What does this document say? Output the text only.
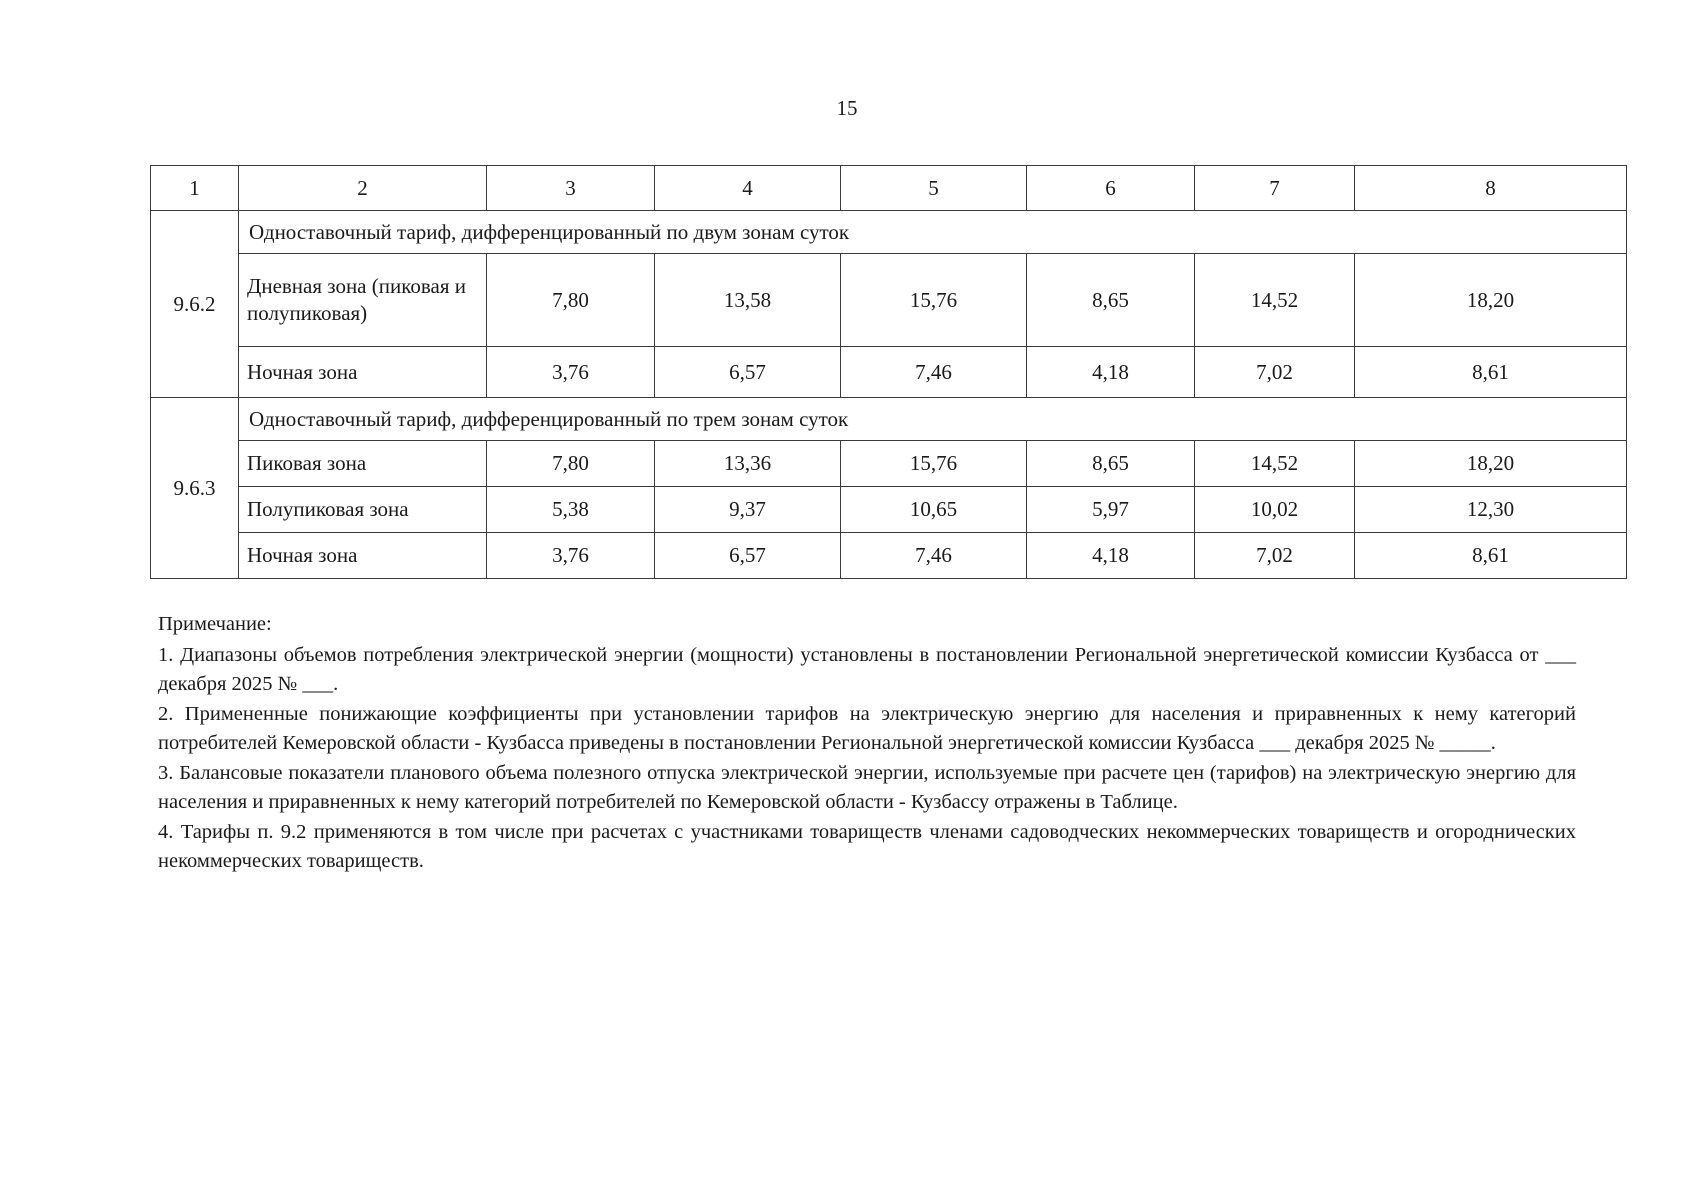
15
1	2	3	4	5	6	7	8
9.6.2	Одноставочный тариф, дифференцированный по двум зонам суток						
	Дневная зона (пиковая и полупиковая)	7,80	13,58	15,76	8,65	14,52	18,20
	Ночная зона	3,76	6,57	7,46	4,18	7,02	8,61
9.6.3	Одноставочный тариф, дифференцированный по трем зонам суток						
	Пиковая зона	7,80	13,36	15,76	8,65	14,52	18,20
	Полупиковая зона	5,38	9,37	10,65	5,97	10,02	12,30
	Ночная зона	3,76	6,57	7,46	4,18	7,02	8,61

Примечание:

1. Диапазоны объемов потребления электрической энергии (мощности) установлены в постановлении Региональной энергетической комиссии Кузбасса от ___ декабря 2025 № ___.

2. Примененные понижающие коэффициенты при установлении тарифов на электрическую энергию для населения и приравненных к нему категорий потребителей Кемеровской области - Кузбасса приведены в постановлении Региональной энергетической комиссии Кузбасса ___ декабря 2025 № _____.

3. Балансовые показатели планового объема полезного отпуска электрической энергии, используемые при расчете цен (тарифов) на электрическую энергию для населения и приравненных к нему категорий потребителей по Кемеровской области - Кузбассу отражены в Таблице.

4. Тарифы п. 9.2 применяются в том числе при расчетах с участниками товариществ членами садоводческих некоммерческих товариществ и огороднических некоммерческих товариществ.
